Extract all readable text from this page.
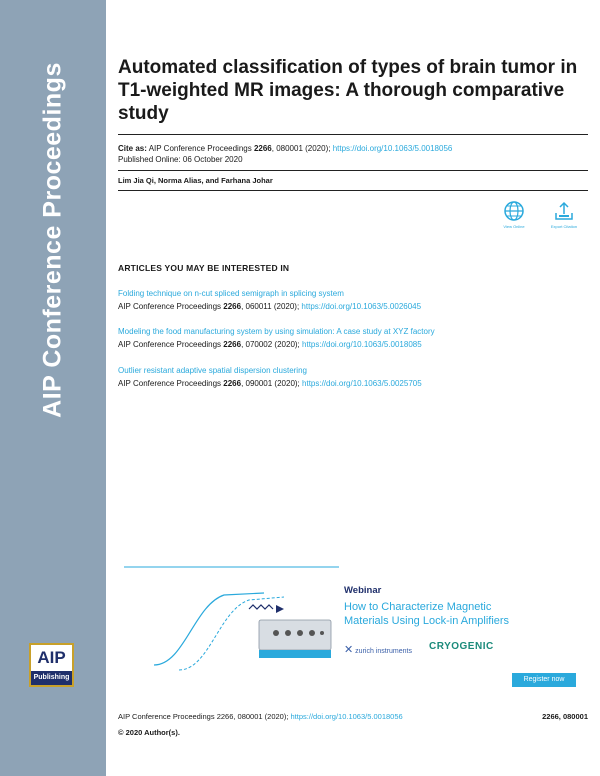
AIP Conference Proceedings
AIP
Publishing
Automated classification of types of brain tumor in T1-weighted MR images: A thorough comparative study
Cite as: AIP Conference Proceedings 2266, 080001 (2020); https://doi.org/10.1063/5.0018056
Published Online: 06 October 2020
Lim Jia Qi, Norma Alias, and Farhana Johar
View Online	Export Citation
ARTICLES YOU MAY BE INTERESTED IN
Folding technique on n-cut spliced semigraph in splicing system
AIP Conference Proceedings 2266, 060011 (2020); https://doi.org/10.1063/5.0026045
Modeling the food manufacturing system by using simulation: A case study at XYZ factory
AIP Conference Proceedings 2266, 070002 (2020); https://doi.org/10.1063/5.0018085
Outlier resistant adaptive spatial dispersion clustering
AIP Conference Proceedings 2266, 090001 (2020); https://doi.org/10.1063/5.0025705
Webinar
How to Characterize Magnetic
Materials Using Lock-in Amplifiers
✕ zurich instruments CRYOGENIC
Register now
AIP Conference Proceedings 2266, 080001 (2020); https://doi.org/10.1063/5.0018056	2266, 080001
© 2020 Author(s).
